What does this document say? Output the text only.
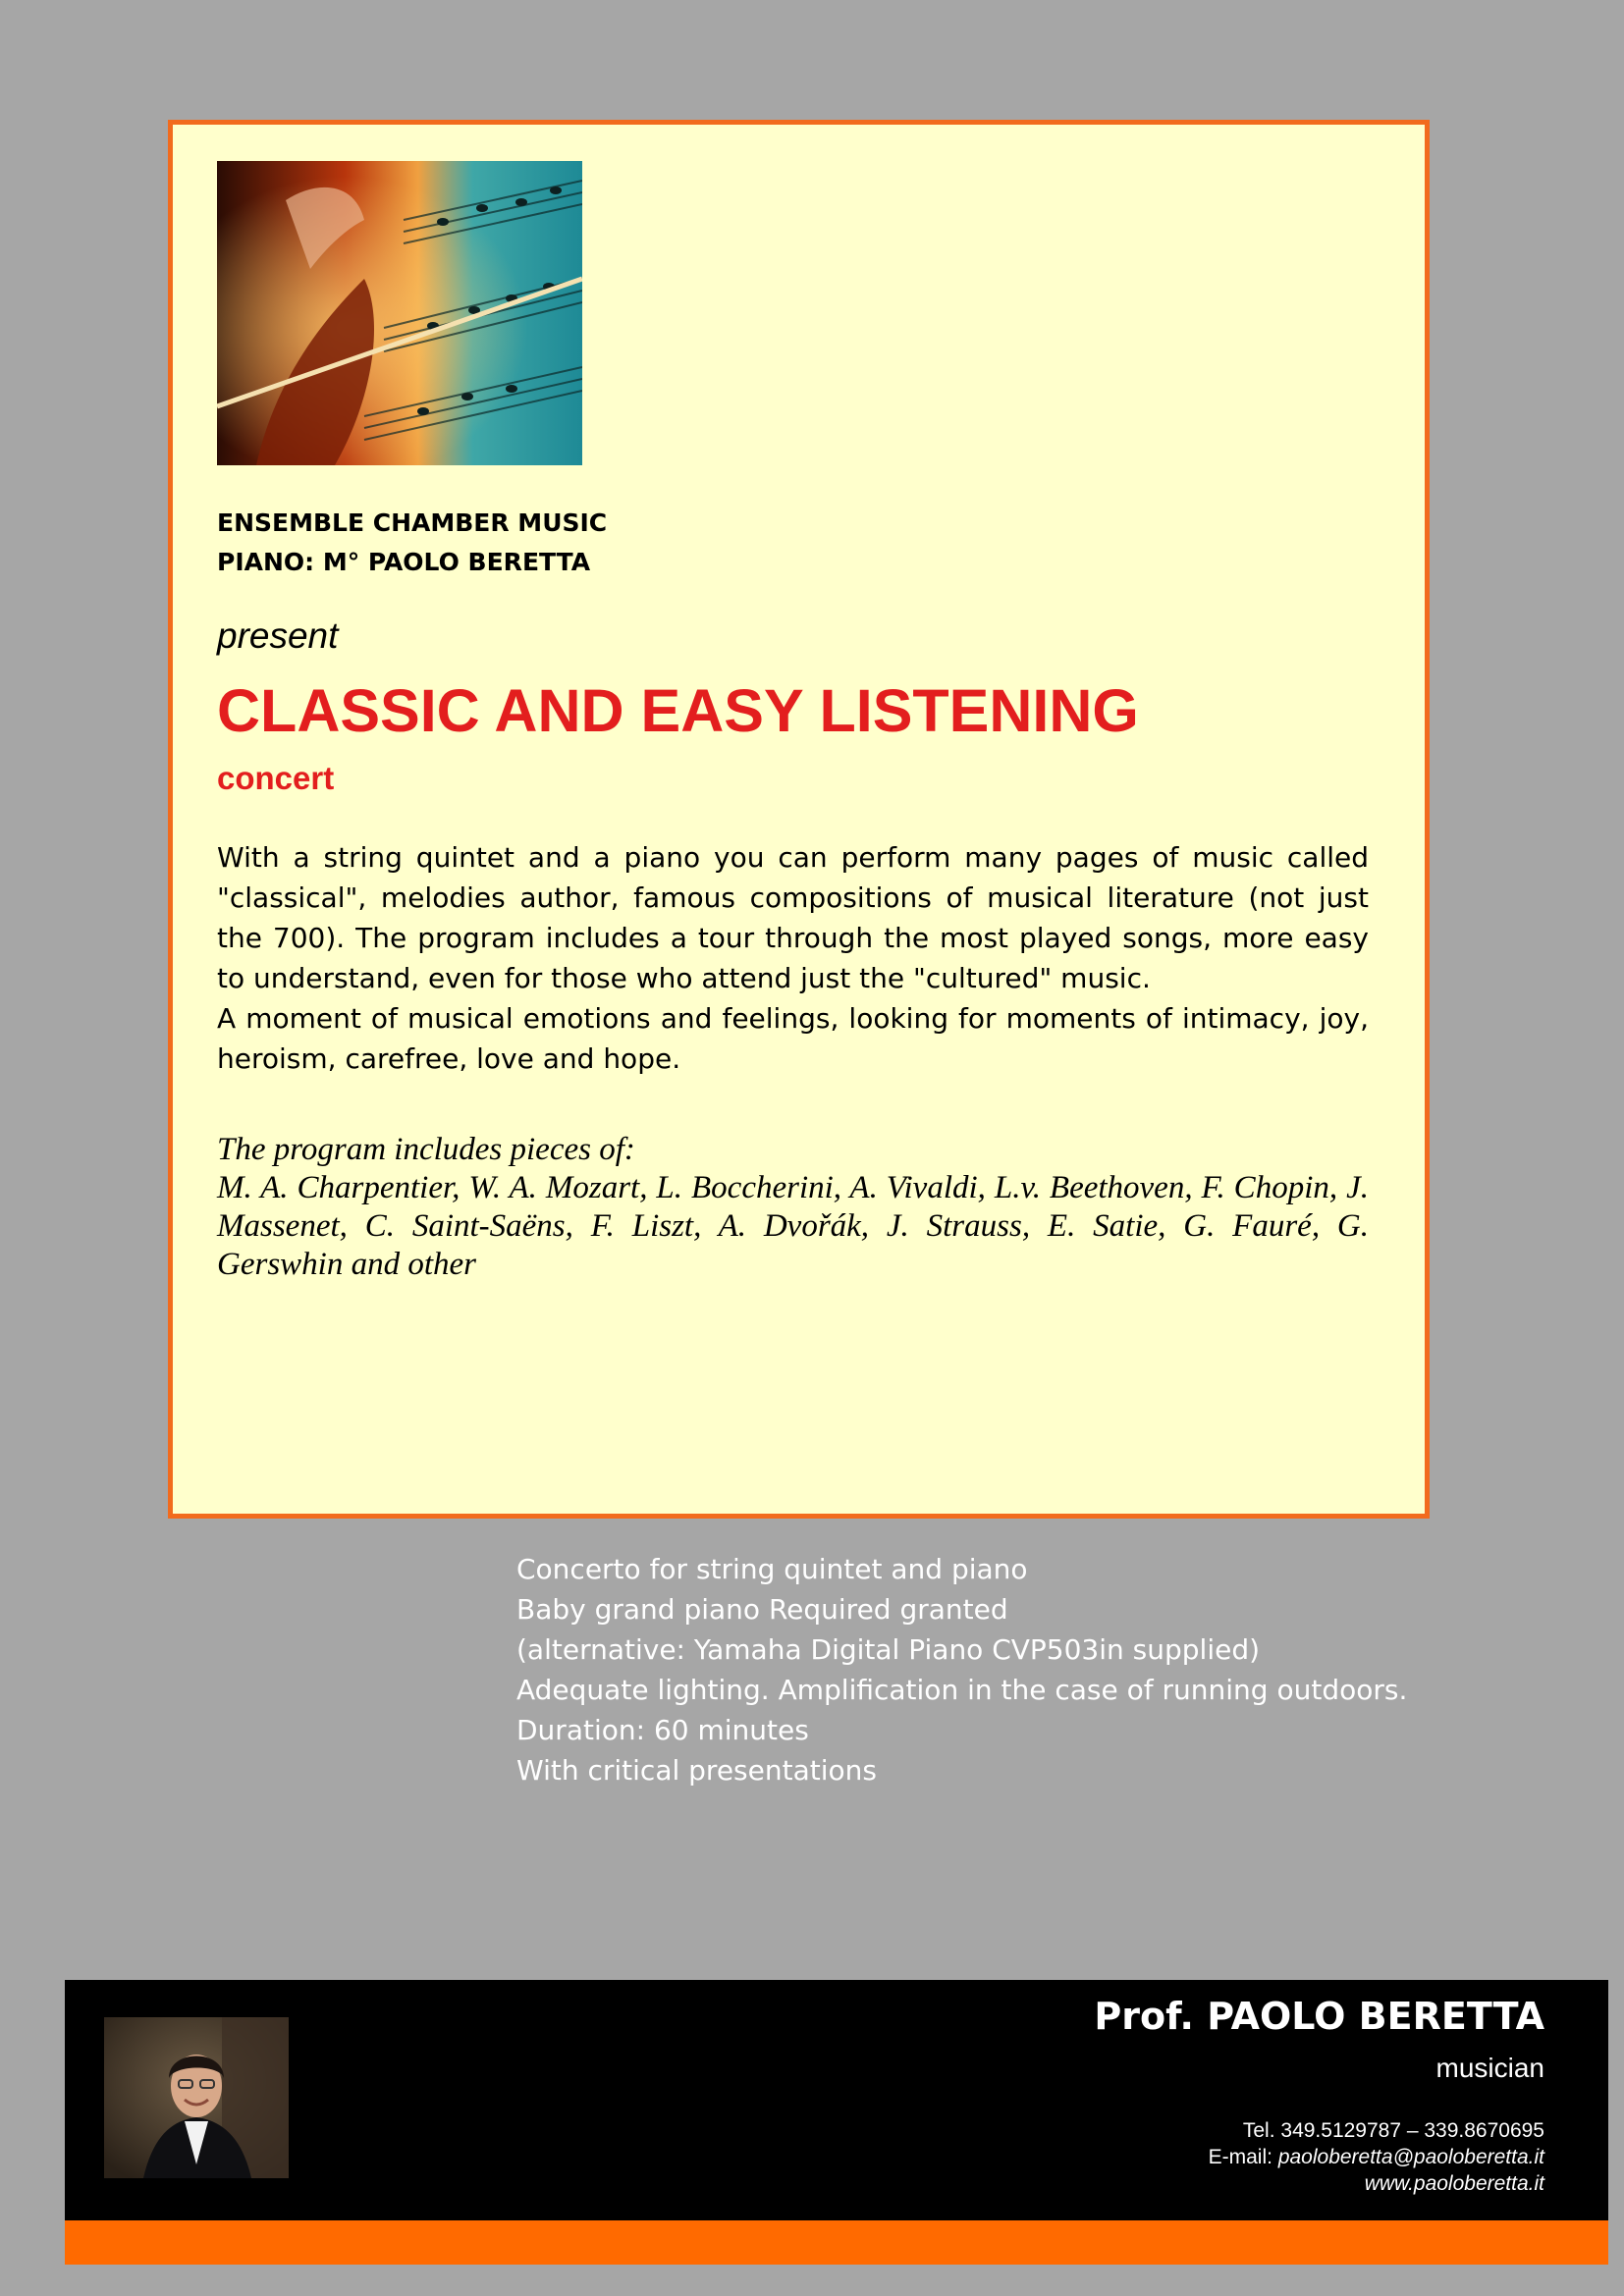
ENSEMBLE CHAMBER MUSIC
PIANO: M° PAOLO BERETTA
present
CLASSIC AND EASY LISTENING
concert

With a string quintet and a piano you can perform many pages of music called "classical", melodies author, famous compositions of musical literature (not just the 700). The program includes a tour through the most played songs, more easy to understand, even for those who attend just the "cultured" music.

A moment of musical emotions and feelings, looking for moments of intimacy, joy, heroism, carefree, love and hope.

The program includes pieces of:

M. A. Charpentier, W. A. Mozart, L. Boccherini, A. Vivaldi, L.v. Beethoven, F. Chopin, J. Massenet, C. Saint-Saëns, F. Liszt, A. Dvořák, J. Strauss, E. Satie, G. Fauré, G. Gerswhin and other

Concerto for string quintet and piano
Baby grand piano Required granted
(alternative: Yamaha Digital Piano CVP503in supplied)
Adequate lighting. Amplification in the case of running outdoors.
Duration: 60 minutes
With critical presentations
Prof. PAOLO BERETTA
musician
Tel. 349.5129787 – 339.8670695
E-mail: paoloberetta@paoloberetta.it
www.paoloberetta.it
